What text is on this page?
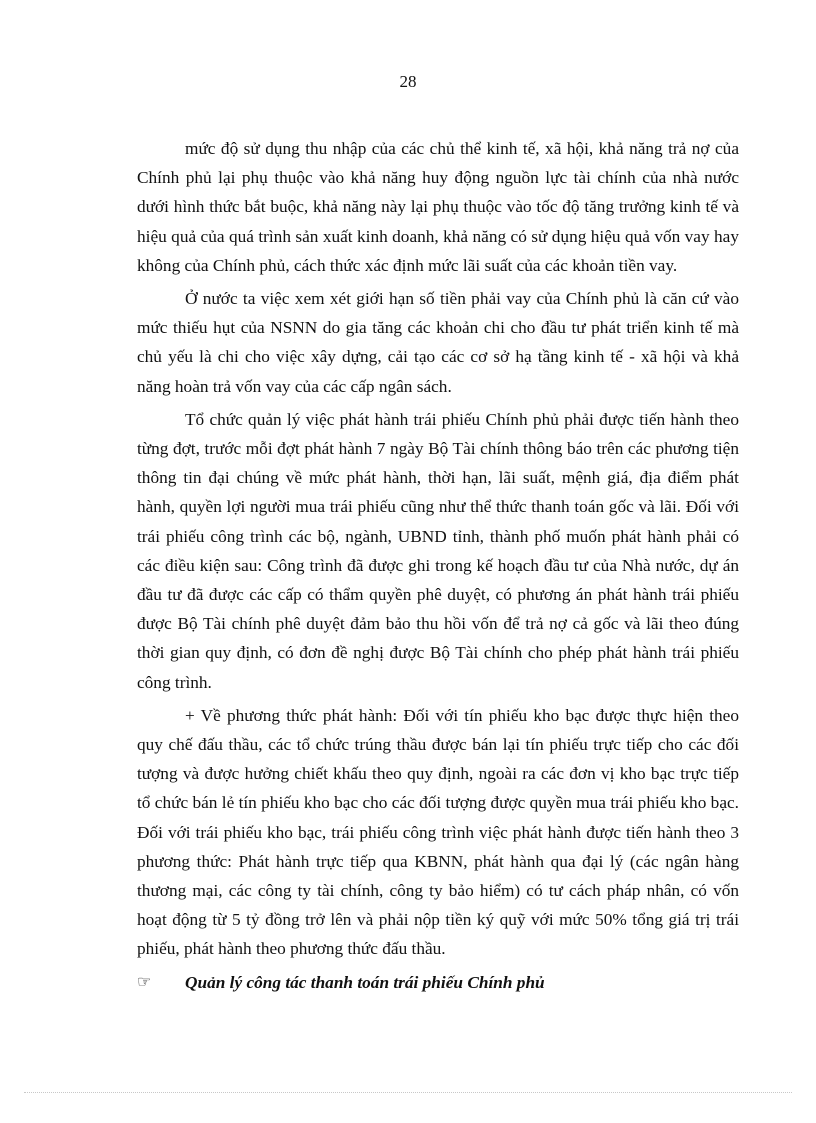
28

mức độ sử dụng thu nhập của các chủ thể kinh tế, xã hội, khả năng trả nợ của Chính phủ lại phụ thuộc vào khả năng huy động nguồn lực tài chính của nhà nước dưới hình thức bắt buộc, khả năng này lại phụ thuộc vào tốc độ tăng trưởng kinh tế và hiệu quả của quá trình sản xuất kinh doanh, khả năng có sử dụng hiệu quả vốn vay hay không của Chính phủ, cách thức xác định mức lãi suất của các khoản tiền vay.

Ở nước ta việc xem xét giới hạn số tiền phải vay của Chính phủ là căn cứ vào mức thiếu hụt của NSNN do gia tăng các khoản chi cho đầu tư phát triển kinh tế mà chủ yếu là chi cho việc xây dựng, cải tạo các cơ sở hạ tầng kinh tế - xã hội và khả năng hoàn trả vốn vay của các cấp ngân sách.

Tổ chức quản lý việc phát hành trái phiếu Chính phủ phải được tiến hành theo từng đợt, trước mỗi đợt phát hành 7 ngày Bộ Tài chính thông báo trên các phương tiện thông tin đại chúng về mức phát hành, thời hạn, lãi suất, mệnh giá, địa điểm phát hành, quyền lợi người mua trái phiếu cũng như thể thức thanh toán gốc và lãi. Đối với trái phiếu công trình các bộ, ngành, UBND tỉnh, thành phố muốn phát hành phải có các điều kiện sau: Công trình đã được ghi trong kế hoạch đầu tư của Nhà nước, dự án đầu tư đã được các cấp có thẩm quyền phê duyệt, có phương án phát hành trái phiếu được Bộ Tài chính phê duyệt đảm bảo thu hồi vốn để trả nợ cả gốc và lãi theo đúng thời gian quy định, có đơn đề nghị được Bộ Tài chính cho phép phát hành trái phiếu công trình.

+ Về phương thức phát hành: Đối với tín phiếu kho bạc được thực hiện theo quy chế đấu thầu, các tổ chức trúng thầu được bán lại tín phiếu trực tiếp cho các đối tượng và được hưởng chiết khấu theo quy định, ngoài ra các đơn vị kho bạc trực tiếp tổ chức bán lẻ tín phiếu kho bạc cho các đối tượng được quyền mua trái phiếu kho bạc. Đối với trái phiếu kho bạc, trái phiếu công trình việc phát hành được tiến hành theo 3 phương thức: Phát hành trực tiếp qua KBNN, phát hành qua đại lý (các ngân hàng thương mại, các công ty tài chính, công ty bảo hiểm) có tư cách pháp nhân, có vốn hoạt động từ 5 tỷ đồng trở lên và phải nộp tiền ký quỹ với mức 50% tổng giá trị trái phiếu, phát hành theo phương thức đấu thầu.

☞	Quản lý công tác thanh toán trái phiếu Chính phủ
